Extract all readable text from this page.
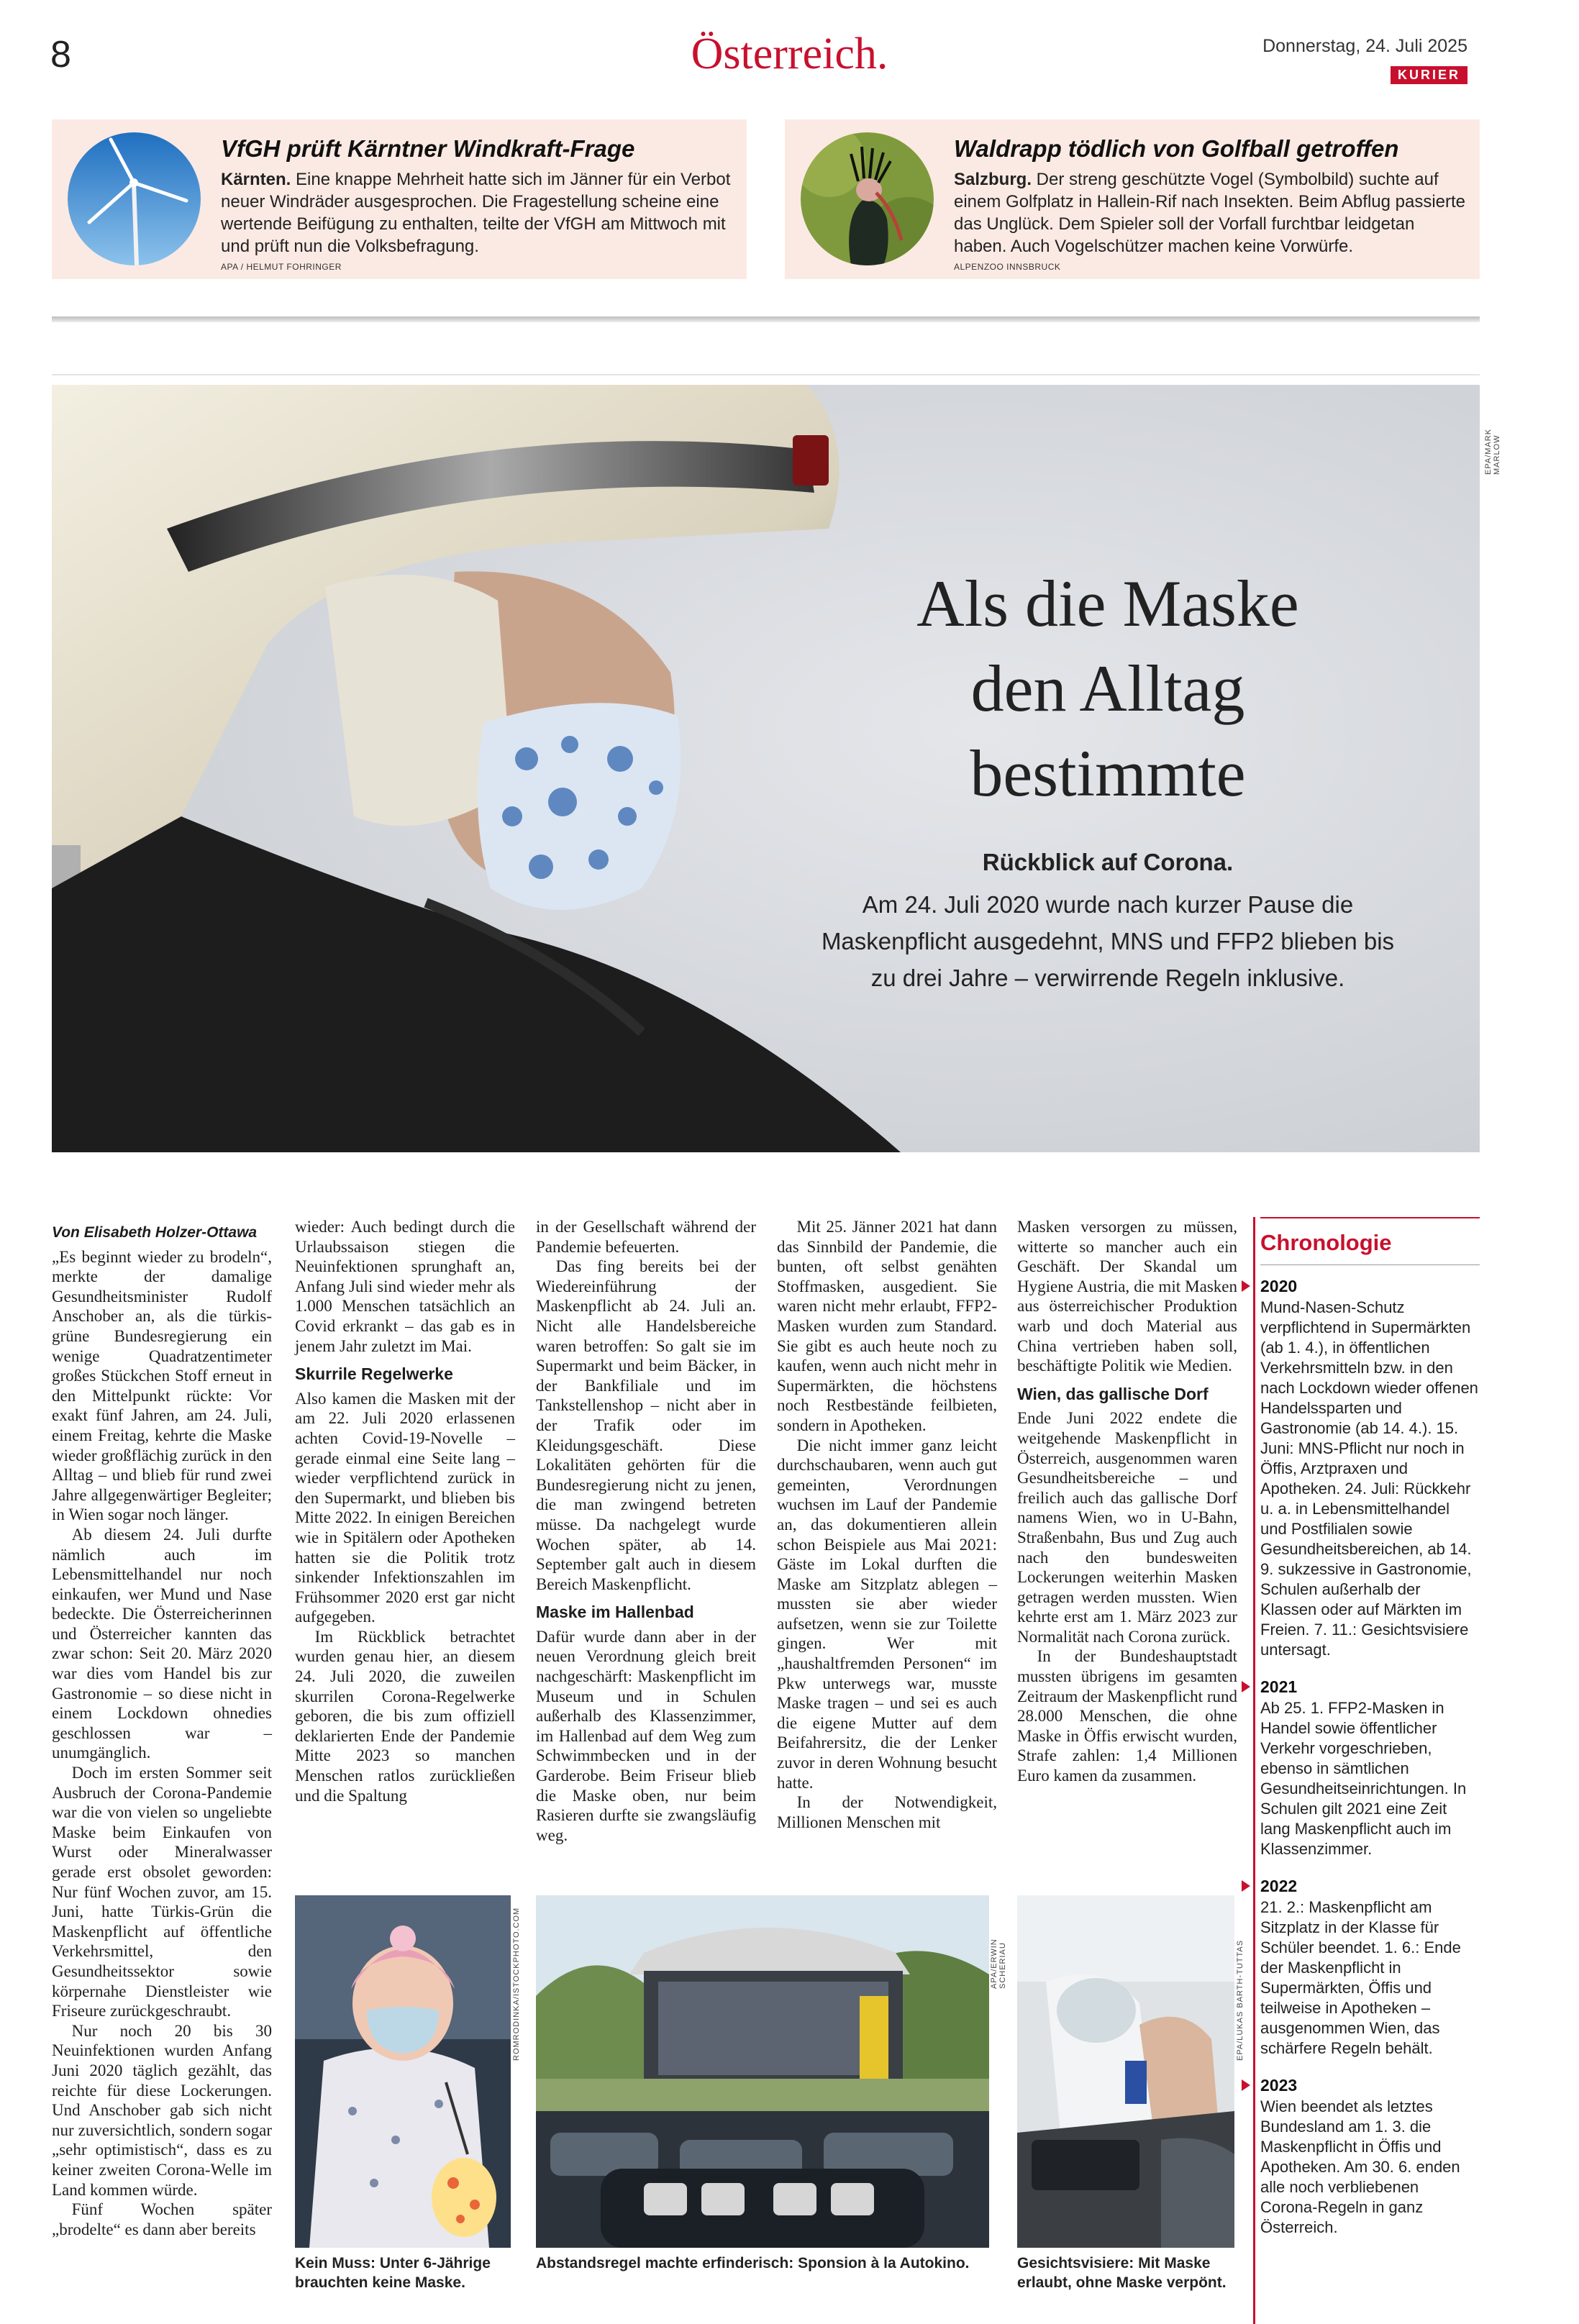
8	Österreich.	Donnerstag, 24. Juli 2025
KURIER
VfGH prüft Kärntner Windkraft-Frage
Kärnten. Eine knappe Mehrheit hatte sich im Jänner für ein Verbot neuer Windräder ausgesprochen. Die Fragestellung scheine eine wertende Beifügung zu enthalten, teilte der VfGH am Mittwoch mit und prüft nun die Volksbefragung.
APA / HELMUT FOHRINGER
Waldrapp tödlich von Golfball getroffen
Salzburg. Der streng geschützte Vogel (Symbolbild) suchte auf einem Golfplatz in Hallein-Rif nach Insekten. Beim Abflug passierte das Unglück. Dem Spieler soll der Vorfall furchtbar leidgetan haben. Auch Vogelschützer machen keine Vorwürfe.
ALPENZOO INNSBRUCK
EPA/MARK MARLOW
Als die Maske
den Alltag
bestimmte
Rückblick auf Corona.
Am 24. Juli 2020 wurde nach kurzer Pause die Maskenpflicht ausgedehnt, MNS und FFP2 blieben bis zu drei Jahre – verwirrende Regeln inklusive.
Von Elisabeth Holzer-Ottawa

„Es beginnt wieder zu brodeln“, merkte der damalige Gesundheitsminister Rudolf Anschober an, als die türkis-grüne Bundesregierung ein wenige Quadratzentimeter großes Stückchen Stoff erneut in den Mittelpunkt rückte: Vor exakt fünf Jahren, am 24. Juli, einem Freitag, kehrte die Maske wieder großflächig zurück in den Alltag – und blieb für rund zwei Jahre allgegenwärtiger Begleiter; in Wien sogar noch länger.

Ab diesem 24. Juli durfte nämlich auch im Lebensmittelhandel nur noch einkaufen, wer Mund und Nase bedeckte. Die Österreicherinnen und Österreicher kannten das zwar schon: Seit 20. März 2020 war dies vom Handel bis zur Gastronomie – so diese nicht in einem Lockdown ohnedies geschlossen war – unumgänglich.

Doch im ersten Sommer seit Ausbruch der Corona-Pandemie war die von vielen so ungeliebte Maske beim Einkaufen von Wurst oder Mineralwasser gerade erst obsolet geworden: Nur fünf Wochen zuvor, am 15. Juni, hatte Türkis-Grün die Maskenpflicht auf öffentliche Verkehrsmittel, den Gesundheitssektor sowie körpernahe Dienstleister wie Friseure zurückgeschraubt.

Nur noch 20 bis 30 Neuinfektionen wurden Anfang Juni 2020 täglich gezählt, das reichte für diese Lockerungen. Und Anschober gab sich nicht nur zuversichtlich, sondern sogar „sehr optimistisch“, dass es zu keiner zweiten Corona-Welle im Land kommen würde.

Fünf Wochen später „brodelte“ es dann aber bereits

wieder: Auch bedingt durch die Urlaubssaison stiegen die Neuinfektionen sprunghaft an, Anfang Juli sind wieder mehr als 1.000 Menschen tatsächlich an Covid erkrankt – das gab es in jenem Jahr zuletzt im Mai.

Skurrile Regelwerke

Also kamen die Masken mit der am 22. Juli 2020 erlassenen achten Covid-19-Novelle – gerade einmal eine Seite lang – wieder verpflichtend zurück in den Supermarkt, und blieben bis Mitte 2022. In einigen Bereichen wie in Spitälern oder Apotheken hatten sie die Politik trotz sinkender Infektionszahlen im Frühsommer 2020 erst gar nicht aufgegeben.

Im Rückblick betrachtet wurden genau hier, an diesem 24. Juli 2020, die zuweilen skurrilen Corona-Regelwerke geboren, die bis zum offiziell deklarierten Ende der Pandemie Mitte 2023 so manchen Menschen ratlos zurückließen und die Spaltung

in der Gesellschaft während der Pandemie befeuerten.

Das fing bereits bei der Wiedereinführung der Maskenpflicht ab 24. Juli an. Nicht alle Handelsbereiche waren betroffen: So galt sie im Supermarkt und beim Bäcker, in der Bankfiliale und im Tankstellenshop – nicht aber in der Trafik oder im Kleidungsgeschäft. Diese Lokalitäten gehörten für die Bundesregierung nicht zu jenen, die man zwingend betreten müsse. Da nachgelegt wurde Wochen später, ab 14. September galt auch in diesem Bereich Maskenpflicht.

Maske im Hallenbad

Dafür wurde dann aber in der neuen Verordnung gleich breit nachgeschärft: Maskenpflicht im Museum und in Schulen außerhalb des Klassenzimmer, im Hallenbad auf dem Weg zum Schwimmbecken und in der Garderobe. Beim Friseur blieb die Maske oben, nur beim Rasieren durfte sie zwangsläufig weg.

Mit 25. Jänner 2021 hat dann das Sinnbild der Pandemie, die bunten, oft selbst genähten Stoffmasken, ausgedient. Sie waren nicht mehr erlaubt, FFP2-Masken wurden zum Standard. Sie gibt es auch heute noch zu kaufen, wenn auch nicht mehr in Supermärkten, die höchstens noch Restbestände feilbieten, sondern in Apotheken.

Die nicht immer ganz leicht durchschaubaren, wenn auch gut gemeinten, Verordnungen wuchsen im Lauf der Pandemie an, das dokumentieren allein schon Beispiele aus Mai 2021: Gäste im Lokal durften die Maske am Sitzplatz ablegen – mussten sie aber wieder aufsetzen, wenn sie zur Toilette gingen. Wer mit „haushaltfremden Personen“ im Pkw unterwegs war, musste Maske tragen – und sei es auch die eigene Mutter auf dem Beifahrersitz, die der Lenker zuvor in deren Wohnung besucht hatte.

In der Notwendigkeit, Millionen Menschen mit

Masken versorgen zu müssen, witterte so mancher auch ein Geschäft. Der Skandal um Hygiene Austria, die mit Masken aus österreichischer Produktion warb und doch Material aus China vertrieben haben soll, beschäftigte Politik wie Medien.

Wien, das gallische Dorf

Ende Juni 2022 endete die weitgehende Maskenpflicht in Österreich, ausgenommen waren Gesundheitsbereiche – und freilich auch das gallische Dorf namens Wien, wo in U-Bahn, Straßenbahn, Bus und Zug auch nach den bundesweiten Lockerungen weiterhin Masken getragen werden mussten. Wien kehrte erst am 1. März 2023 zur Normalität nach Corona zurück.

In der Bundeshauptstadt mussten übrigens im gesamten Zeitraum der Maskenpflicht rund 28.000 Menschen, die ohne Maske in Öffis erwischt wurden, Strafe zahlen: 1,4 Millionen Euro kamen da zusammen.

Chronologie
2020
Mund-Nasen-Schutz verpflichtend in Supermärkten (ab 1. 4.), in öffentlichen Verkehrsmitteln bzw. in den nach Lockdown wieder offenen Handelssparten und Gastronomie (ab 14. 4.). 15. Juni: MNS-Pflicht nur noch in Öffis, Arztpraxen und Apotheken. 24. Juli: Rückkehr u. a. in Lebensmittelhandel und Postfilialen sowie Gesundheitsbereichen, ab 14. 9. sukzessive in Gastronomie, Schulen außerhalb der Klassen oder auf Märkten im Freien. 7. 11.: Gesichtsvisiere untersagt.
2021
Ab 25. 1. FFP2-Masken in Handel sowie öffentlicher Verkehr vorgeschrieben, ebenso in sämtlichen Gesundheitseinrichtungen. In Schulen gilt 2021 eine Zeit lang Maskenpflicht auch im Klassenzimmer.
2022
21. 2.: Maskenpflicht am Sitzplatz in der Klasse für Schüler beendet. 1. 6.: Ende der Maskenpflicht in Supermärkten, Öffis und teilweise in Apotheken – ausgenommen Wien, das schärfere Regeln behält.
2023
Wien beendet als letztes Bundesland am 1. 3. die Maskenpflicht in Öffis und Apotheken. Am 30. 6. enden alle noch verbliebenen Corona-Regeln in ganz Österreich.
ROMRODINKA/ISTOCKPHOTO.COM	APA/ERWIN SCHERIAU	EPA/LUKAS BARTH-TUTTAS
Kein Muss: Unter 6-Jährige brauchten keine Maske.
Abstandsregel machte erfinderisch: Sponsion à la Autokino.	Gesichtsvisiere: Mit Maske erlaubt, ohne Maske verpönt.
